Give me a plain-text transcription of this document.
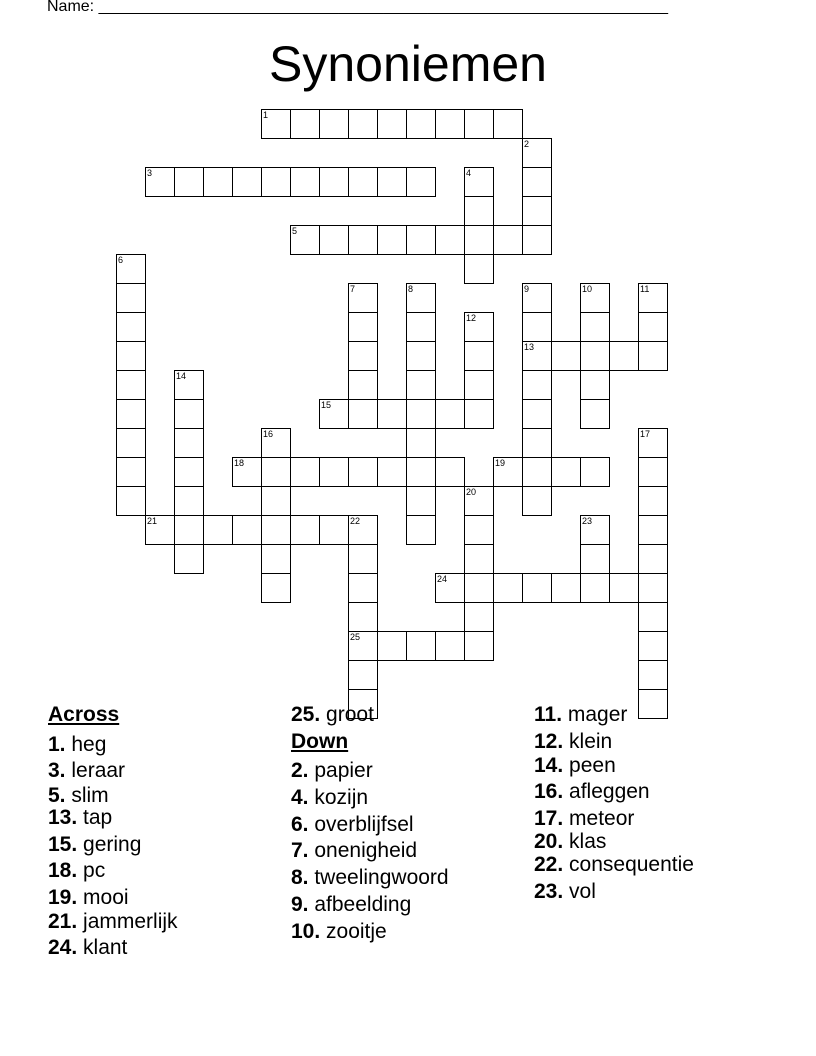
Name: ________________________________________________________________
Synoniemen
1
2
3	4
5
6
7	8	9
13
10	11
12
14
15
16	17
18	19
20
21	22	23
25
24
Across
1. heg
3. leraar
5. slim
13. tap
15. gering
18. pc
19. mooi
21. jammerlijk
24. klant
25. groot
Down
2. papier
4. kozijn
6. overblijfsel
7. onenigheid
8. tweelingwoord
9. afbeelding
10. zooitje
11. mager
12. klein
14. peen
16. afleggen
17. meteor
20. klas
22. consequentie
23. vol
